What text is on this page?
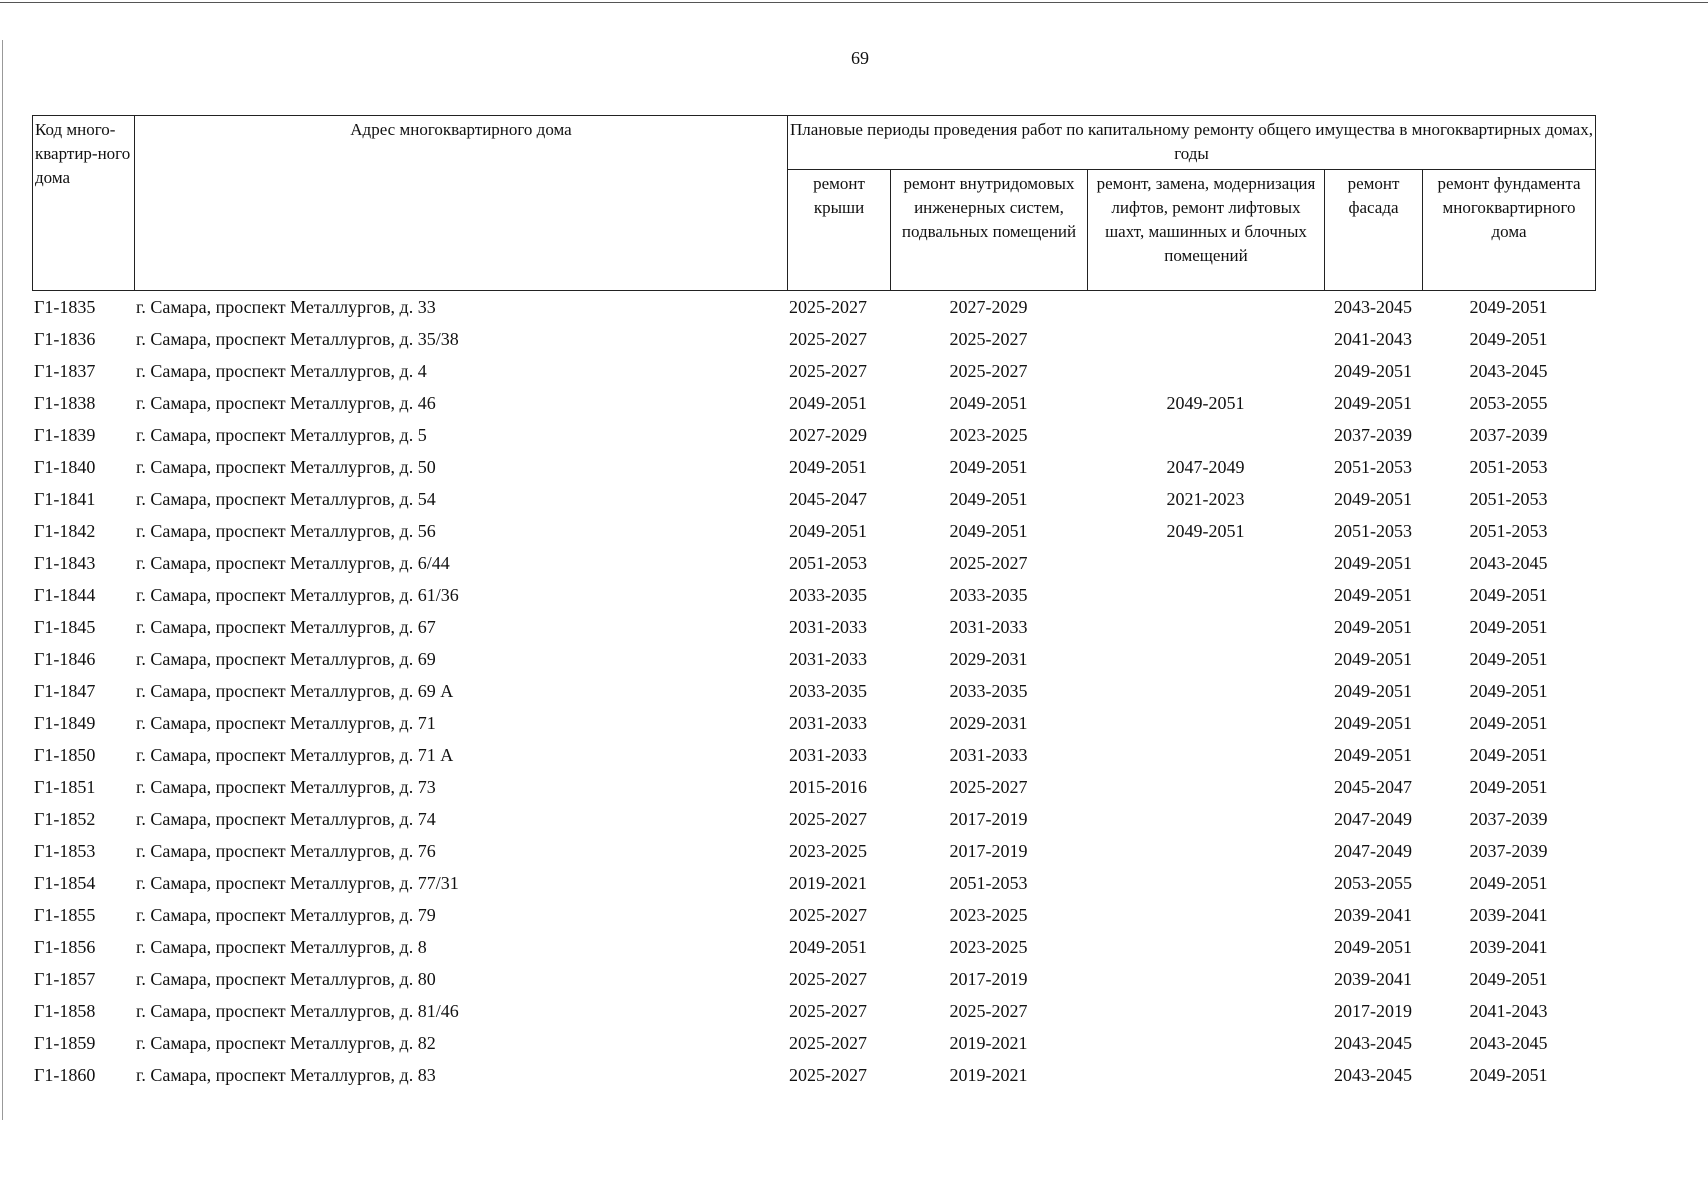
69
Код много-квартир-ного дома	Адрес многоквартирного дома	Плановые периоды проведения работ по капитальному ремонту общего имущества в многоквартирных домах, годы				
		ремонт крыши	ремонт внутридомовых инженерных систем, подвальных помещений	ремонт, замена, модернизация лифтов, ремонт лифтовых шахт, машинных и блочных помещений	ремонт фасада	ремонт фундамента многоквартирного дома
Г1-1835	г. Самара, проспект Металлургов, д. 33	2025-2027	2027-2029		2043-2045	2049-2051
Г1-1836	г. Самара, проспект Металлургов, д. 35/38	2025-2027	2025-2027		2041-2043	2049-2051
Г1-1837	г. Самара, проспект Металлургов, д. 4	2025-2027	2025-2027		2049-2051	2043-2045
Г1-1838	г. Самара, проспект Металлургов, д. 46	2049-2051	2049-2051	2049-2051	2049-2051	2053-2055
Г1-1839	г. Самара, проспект Металлургов, д. 5	2027-2029	2023-2025		2037-2039	2037-2039
Г1-1840	г. Самара, проспект Металлургов, д. 50	2049-2051	2049-2051	2047-2049	2051-2053	2051-2053
Г1-1841	г. Самара, проспект Металлургов, д. 54	2045-2047	2049-2051	2021-2023	2049-2051	2051-2053
Г1-1842	г. Самара, проспект Металлургов, д. 56	2049-2051	2049-2051	2049-2051	2051-2053	2051-2053
Г1-1843	г. Самара, проспект Металлургов, д. 6/44	2051-2053	2025-2027		2049-2051	2043-2045
Г1-1844	г. Самара, проспект Металлургов, д. 61/36	2033-2035	2033-2035		2049-2051	2049-2051
Г1-1845	г. Самара, проспект Металлургов, д. 67	2031-2033	2031-2033		2049-2051	2049-2051
Г1-1846	г. Самара, проспект Металлургов, д. 69	2031-2033	2029-2031		2049-2051	2049-2051
Г1-1847	г. Самара, проспект Металлургов, д. 69 А	2033-2035	2033-2035		2049-2051	2049-2051
Г1-1849	г. Самара, проспект Металлургов, д. 71	2031-2033	2029-2031		2049-2051	2049-2051
Г1-1850	г. Самара, проспект Металлургов, д. 71 А	2031-2033	2031-2033		2049-2051	2049-2051
Г1-1851	г. Самара, проспект Металлургов, д. 73	2015-2016	2025-2027		2045-2047	2049-2051
Г1-1852	г. Самара, проспект Металлургов, д. 74	2025-2027	2017-2019		2047-2049	2037-2039
Г1-1853	г. Самара, проспект Металлургов, д. 76	2023-2025	2017-2019		2047-2049	2037-2039
Г1-1854	г. Самара, проспект Металлургов, д. 77/31	2019-2021	2051-2053		2053-2055	2049-2051
Г1-1855	г. Самара, проспект Металлургов, д. 79	2025-2027	2023-2025		2039-2041	2039-2041
Г1-1856	г. Самара, проспект Металлургов, д. 8	2049-2051	2023-2025		2049-2051	2039-2041
Г1-1857	г. Самара, проспект Металлургов, д. 80	2025-2027	2017-2019		2039-2041	2049-2051
Г1-1858	г. Самара, проспект Металлургов, д. 81/46	2025-2027	2025-2027		2017-2019	2041-2043
Г1-1859	г. Самара, проспект Металлургов, д. 82	2025-2027	2019-2021		2043-2045	2043-2045
Г1-1860	г. Самара, проспект Металлургов, д. 83	2025-2027	2019-2021		2043-2045	2049-2051
